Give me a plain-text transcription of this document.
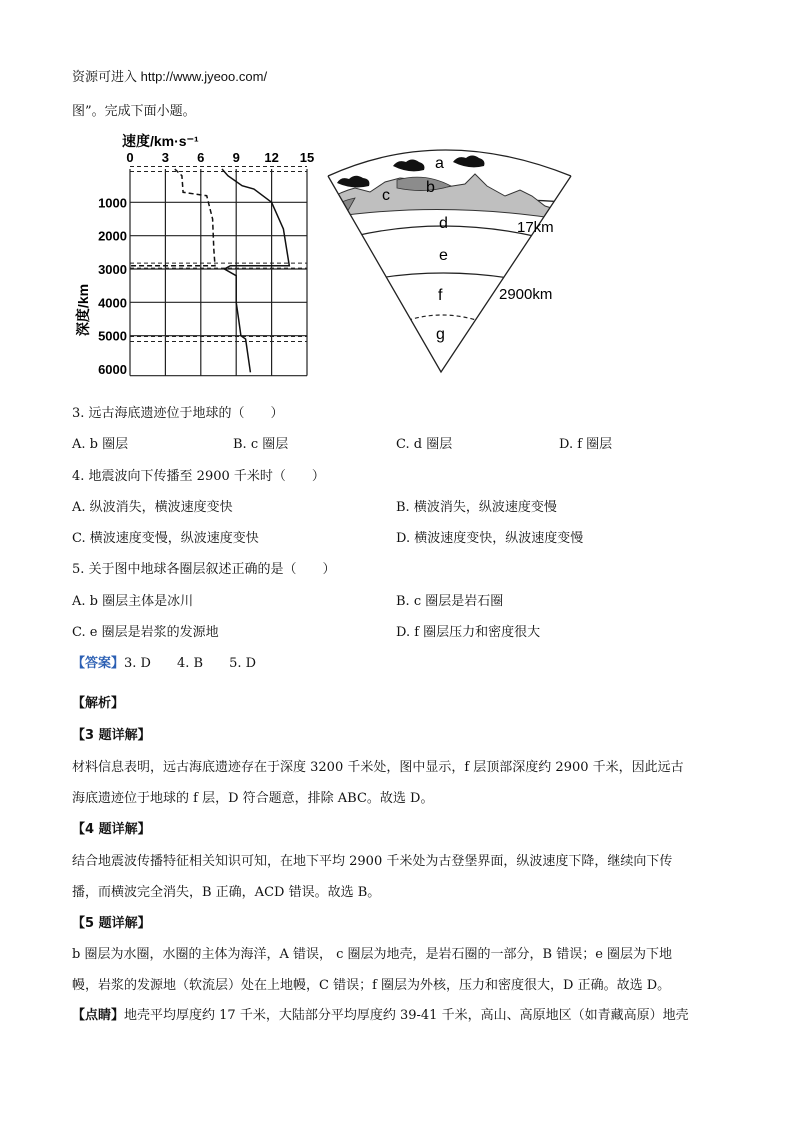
资源可进入 http://www.jyeoo.com/
图”。完成下面小题。
0 3 6 9 12 15
1000
2000
3000
4000
5000
6000
速度/km·s⁻¹
深度/km
a
b
c
d
e
f
g
17km
2900km
3. 远古海底遗迹位于地球的（　　）
A. b 圈层	B. c 圈层	C. d 圈层	D. f 圈层
4. 地震波向下传播至 2900 千米时（　　）
A. 纵波消失，横波速度变快	B. 横波消失，纵波速度变慢
C. 横波速度变慢，纵波速度变快	D. 横波速度变快，纵波速度变慢
5. 关于图中地球各圈层叙述正确的是（　　）
A. b 圈层主体是冰川	B. c 圈层是岩石圈
C. e 圈层是岩浆的发源地	D. f 圈层压力和密度很大
【答案】3. D　　4. B　　5. D
【解析】
【3 题详解】
材料信息表明，远古海底遗迹存在于深度 3200 千米处，图中显示，f 层顶部深度约 2900 千米，因此远古
海底遗迹位于地球的 f 层，D 符合题意，排除 ABC。故选 D。
【4 题详解】
结合地震波传播特征相关知识可知，在地下平均 2900 千米处为古登堡界面，纵波速度下降，继续向下传
播，而横波完全消失，B 正确，ACD 错误。故选 B。
【5 题详解】
b 圈层为水圈，水圈的主体为海洋，A 错误， c 圈层为地壳，是岩石圈的一部分，B 错误；e 圈层为下地
幔，岩浆的发源地（软流层）处在上地幔，C 错误；f 圈层为外核，压力和密度很大，D 正确。故选 D。
【点睛】地壳平均厚度约 17 千米，大陆部分平均厚度约 39-41 千米，高山、高原地区（如青藏高原）地壳
